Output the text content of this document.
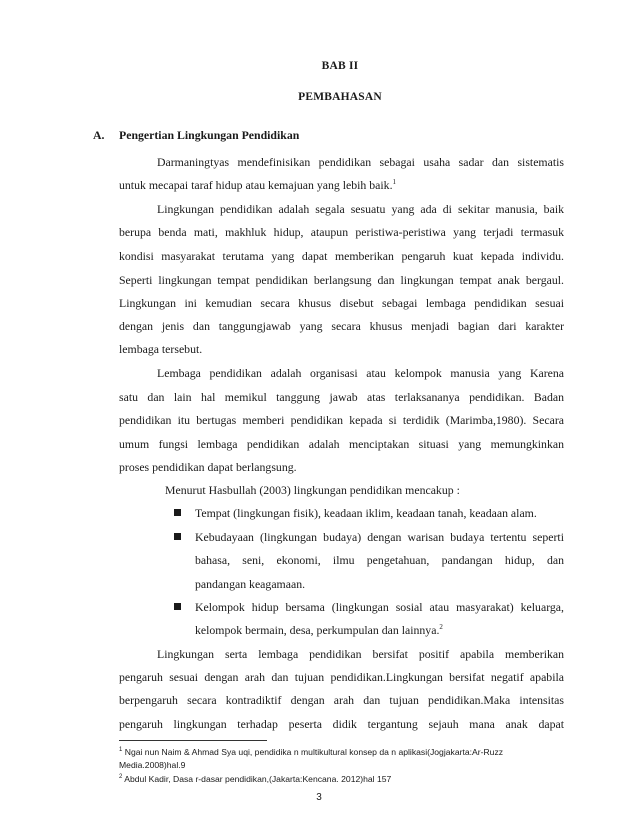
BAB II
PEMBAHASAN
A. Pengertian Lingkungan Pendidikan
Darmaningtyas mendefinisikan pendidikan sebagai usaha sadar dan sistematis
untuk mecapai taraf hidup atau kemajuan yang lebih baik.$^1$
Lingkungan pendidikan adalah segala sesuatu yang ada di sekitar manusia, baik
berupa benda mati, makhluk hidup, ataupun peristiwa-peristiwa yang terjadi termasuk
kondisi masyarakat terutama yang dapat memberikan pengaruh kuat kepada individu.
Seperti lingkungan tempat pendidikan berlangsung dan lingkungan tempat anak bergaul.
Lingkungan ini kemudian secara khusus disebut sebagai lembaga pendidikan sesuai
dengan jenis dan tanggungjawab yang secara khusus menjadi bagian dari karakter
lembaga tersebut.
Lembaga pendidikan adalah organisasi atau kelompok manusia yang Karena
satu dan lain hal memikul tanggung jawab atas terlaksananya pendidikan. Badan
pendidikan itu bertugas memberi pendidikan kepada si terdidik (Marimba,1980). Secara
umum fungsi lembaga pendidikan adalah menciptakan situasi yang memungkinkan
proses pendidikan dapat berlangsung.
Menurut Hasbullah (2003) lingkungan pendidikan mencakup :
Tempat (lingkungan fisik), keadaan iklim, keadaan tanah, keadaan alam.
Kebudayaan (lingkungan budaya) dengan warisan budaya tertentu seperti
bahasa, seni, ekonomi, ilmu pengetahuan, pandangan hidup, dan
pandangan keagamaan.
Kelompok hidup bersama (lingkungan sosial atau masyarakat) keluarga,
kelompok bermain, desa, perkumpulan dan lainnya.$^2$
Lingkungan serta lembaga pendidikan bersifat positif apabila memberikan
pengaruh sesuai dengan arah dan tujuan pendidikan.Lingkungan bersifat negatif apabila
berpengaruh secara kontradiktif dengan arah dan tujuan pendidikan.Maka intensitas
pengaruh lingkungan terhadap peserta didik tergantung sejauh mana anak dapat
$^1$ Ngai nun Naim & Ahmad Sya uqi, pendidika n multikultural konsep da n aplikasi(Jogjakarta:Ar-Ruzz
Media.2008)hal.9
$^2$ Abdul Kadir, Dasa r-dasar pendidikan,(Jakarta:Kencana. 2012)hal 157
3
